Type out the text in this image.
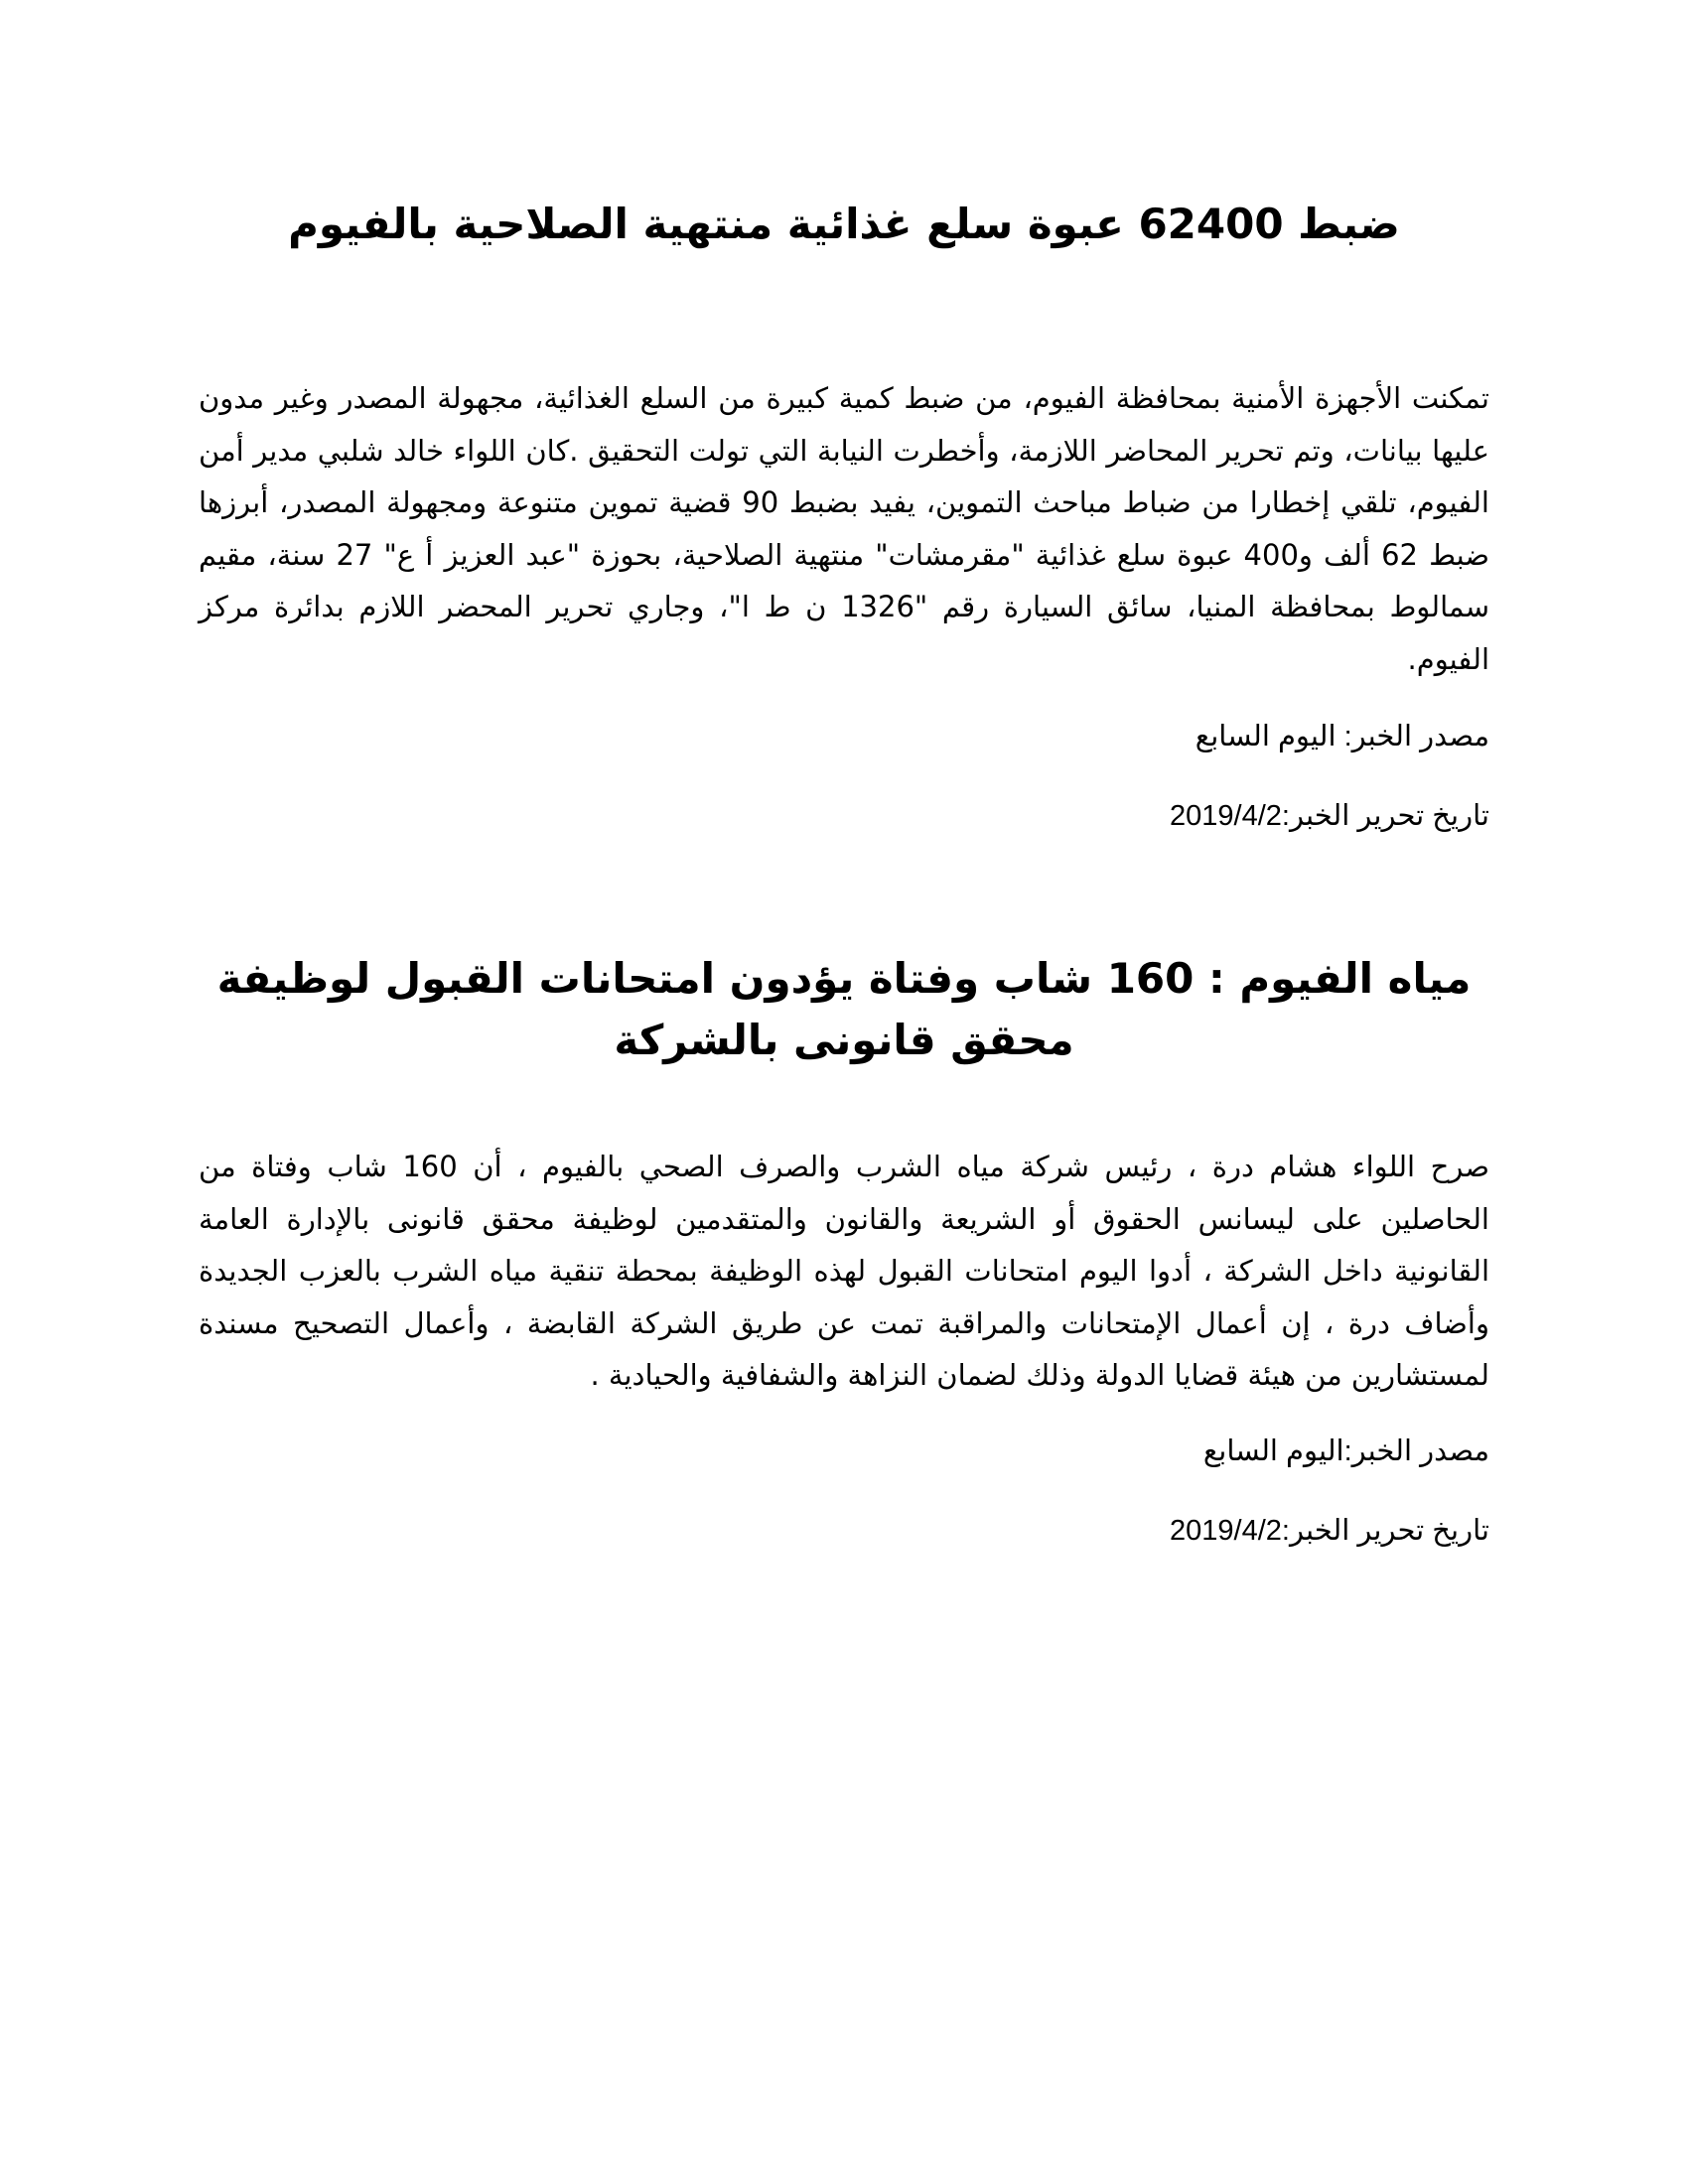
ضبط 62400 عبوة سلع غذائية منتهية الصلاحية بالفيوم

تمكنت الأجهزة الأمنية بمحافظة الفيوم، من ضبط كمية كبيرة من السلع الغذائية، مجهولة المصدر وغير مدون عليها بيانات، وتم تحرير المحاضر اللازمة، وأخطرت النيابة التي تولت التحقيق .كان اللواء خالد شلبي مدير أمن الفيوم، تلقي إخطارا من ضباط مباحث التموين، يفيد بضبط 90 قضية تموين متنوعة ومجهولة المصدر، أبرزها ضبط 62 ألف و400 عبوة سلع غذائية "مقرمشات" منتهية الصلاحية، بحوزة "عبد العزيز أ ع" 27 سنة، مقيم سمالوط بمحافظة المنيا، سائق السيارة رقم "1326 ن ط ا"، وجاري تحرير المحضر اللازم بدائرة مركز الفيوم.

مصدر الخبر: اليوم السابع

تاريخ تحرير الخبر:2019/4/2

مياه الفيوم : 160 شاب وفتاة يؤدون امتحانات القبول لوظيفة محقق قانونى بالشركة

صرح اللواء هشام درة ، رئيس شركة مياه الشرب والصرف الصحي بالفيوم ، أن 160 شاب وفتاة من الحاصلين على ليسانس الحقوق أو الشريعة والقانون والمتقدمين لوظيفة محقق قانونى بالإدارة العامة القانونية داخل الشركة ، أدوا اليوم امتحانات القبول لهذه الوظيفة بمحطة تنقية مياه الشرب بالعزب الجديدة وأضاف درة ، إن أعمال الإمتحانات والمراقبة تمت عن طريق الشركة القابضة ، وأعمال التصحيح مسندة لمستشارين من هيئة قضايا الدولة وذلك لضمان النزاهة والشفافية والحيادية .

مصدر الخبر:اليوم السابع

تاريخ تحرير الخبر:2019/4/2
